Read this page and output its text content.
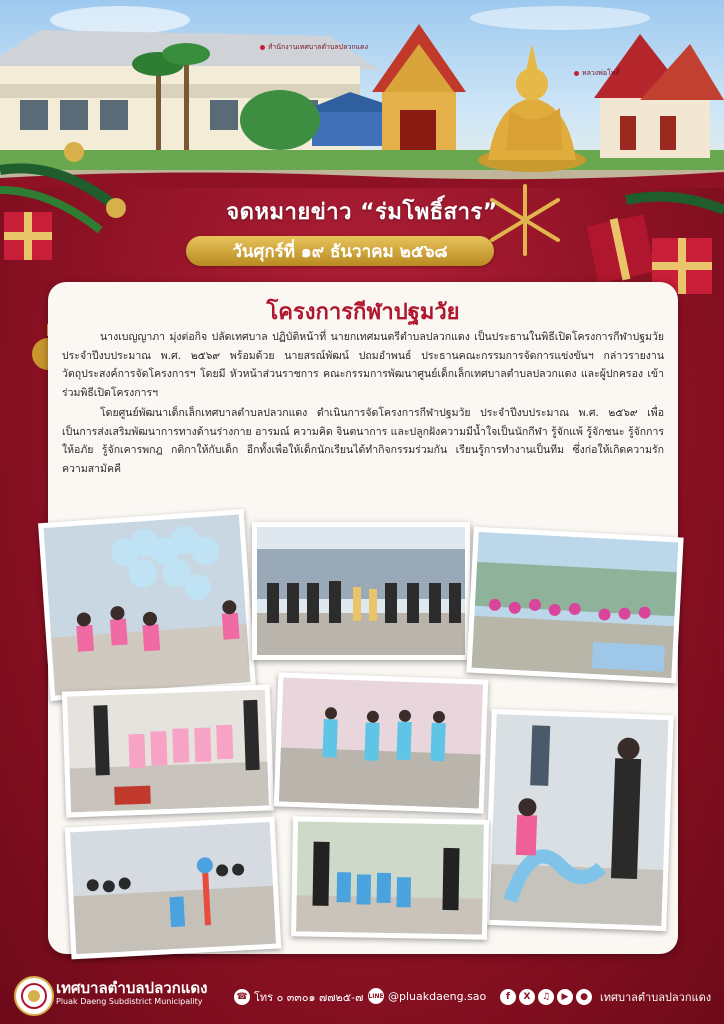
สำนักงานเทศบาลตำบลปลวกแดง
หลวงพ่อโพธิ์
จดหมายข่าว “ร่มโพธิ์สาร”
วันศุกร์ที่ ๑๙ ธันวาคม ๒๕๖๘
โครงการกีฬาปฐมวัย

นางเบญญาภา มุ่งต่อกิจ ปลัดเทศบาล ปฏิบัติหน้าที่ นายกเทศมนตรีตำบลปลวกแดง เป็นประธานในพิธีเปิดโครงการกีฬาปฐมวัย ประจำปีงบประมาณ พ.ศ. ๒๕๖๙ พร้อมด้วย นายสรณ์พัฒน์ ปถมอำพนธ์ ประธานคณะกรรมการจัดการแข่งขันฯ กล่าวรายงานวัตถุประสงค์การจัดโครงการฯ โดยมี หัวหน้าส่วนราชการ คณะกรรมการพัฒนาศูนย์เด็กเล็กเทศบาลตำบลปลวกแดง และผู้ปกครอง เข้าร่วมพิธีเปิดโครงการฯ

โดยศูนย์พัฒนาเด็กเล็กเทศบาลตำบลปลวกแดง ดำเนินการจัดโครงการกีฬาปฐมวัย ประจำปีงบประมาณ พ.ศ. ๒๕๖๙ เพื่อเป็นการส่งเสริมพัฒนาการทางด้านร่างกาย อารมณ์ ความคิด จินตนาการ และปลูกฝังความมีน้ำใจเป็นนักกีฬา รู้จักแพ้ รู้จักชนะ รู้จักการให้อภัย รู้จักเคารพกฎ กติกาให้กับเด็ก อีกทั้งเพื่อให้เด็กนักเรียนได้ทำกิจกรรมร่วมกัน เรียนรู้การทำงานเป็นทีม ซึ่งก่อให้เกิดความรัก ความสามัคคี

เทศบาลตำบลปลวกแดง
Pluak Daeng Subdistrict Municipality	☎ โทร ๐ ๓๓๐๑ ๗๗๒๕-๗ LINE @pluakdaeng.sao	f	X	♫	▶	●	เทศบาลตำบลปลวกแดง
